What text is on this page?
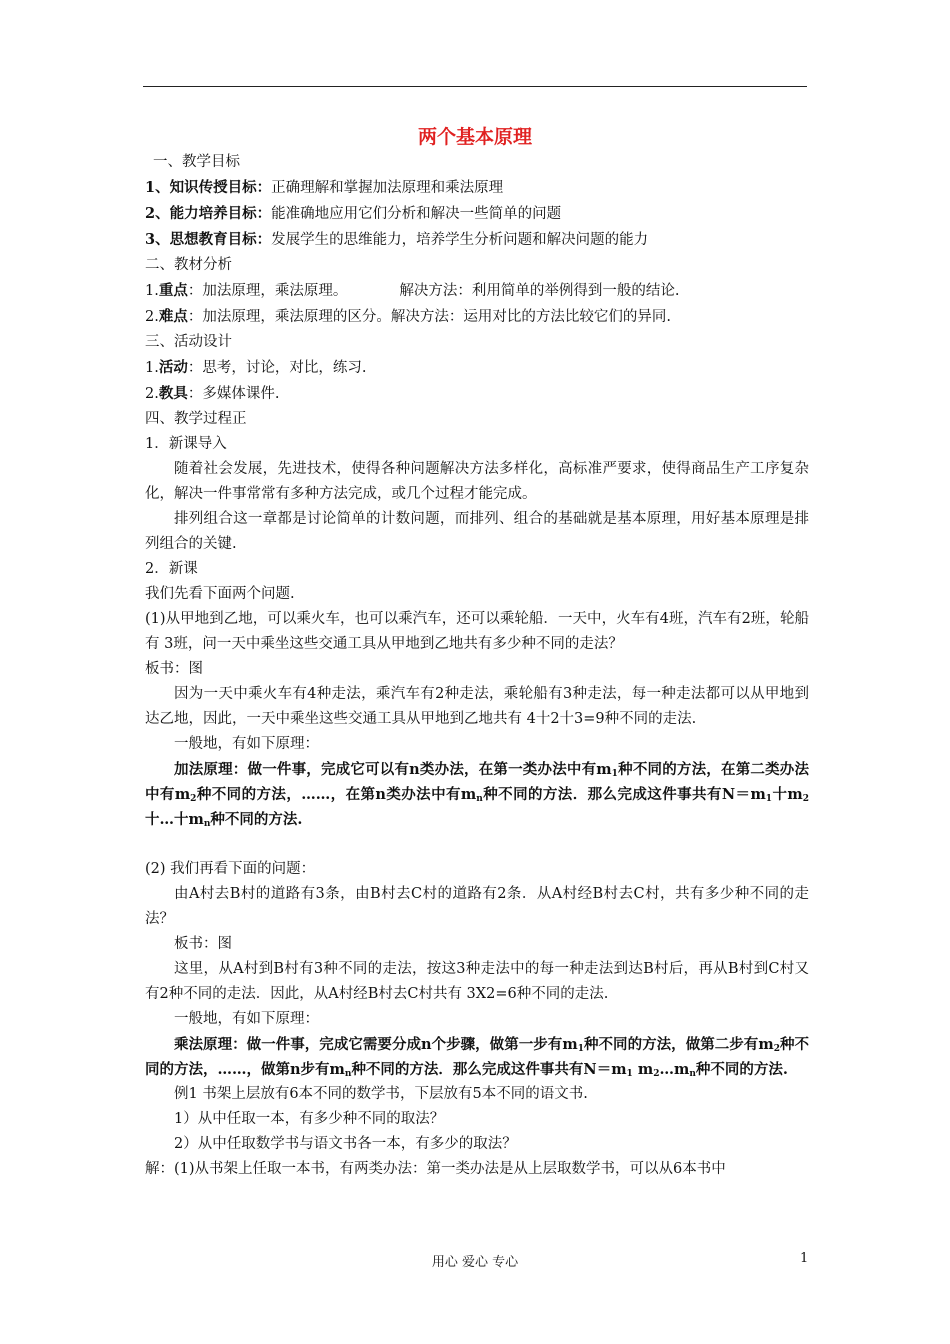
两个基本原理

一、教学目标

1、知识传授目标：正确理解和掌握加法原理和乘法原理

2、能力培养目标：能准确地应用它们分析和解决一些简单的问题

3、思想教育目标：发展学生的思维能力，培养学生分析问题和解决问题的能力

二、教材分析

1.重点：加法原理，乘法原理。	解决方法：利用简单的举例得到一般的结论.

2.难点：加法原理，乘法原理的区分。解决方法：运用对比的方法比较它们的异同.

三、活动设计

1.活动：思考，讨论，对比，练习.

2.教具：多媒体课件.

四、教学过程正

1．新课导入

随着社会发展，先进技术，使得各种问题解决方法多样化，高标准严要求，使得商品生产工序复杂化，解决一件事常常有多种方法完成，或几个过程才能完成。

排列组合这一章都是讨论简单的计数问题，而排列、组合的基础就是基本原理，用好基本原理是排列组合的关键.

2．新课

我们先看下面两个问题.

(1)从甲地到乙地，可以乘火车，也可以乘汽车，还可以乘轮船．一天中，火车有4班，汽车有2班，轮船有 3班，问一天中乘坐这些交通工具从甲地到乙地共有多少种不同的走法？

板书：图

因为一天中乘火车有4种走法，乘汽车有2种走法，乘轮船有3种走法，每一种走法都可以从甲地到达乙地，因此，一天中乘坐这些交通工具从甲地到乙地共有 4十2十3=9种不同的走法.

一般地，有如下原理：

加法原理：做一件事，完成它可以有n类办法，在第一类办法中有$m_1$种不同的方法，在第二类办法中有$m_2$种不同的方法，……，在第n类办法中有$m_n$种不同的方法．那么完成这件事共有$N=m_1$十$m_2$十…十$m_n$种不同的方法.

(2) 我们再看下面的问题：

由A村去B村的道路有3条，由B村去C村的道路有2条．从A村经B村去C村，共有多少种不同的走法？

板书：图

这里，从A村到B村有3种不同的走法，按这3种走法中的每一种走法到达B村后，再从B村到C村又有2种不同的走法．因此，从A村经B村去C村共有 3X2=6种不同的走法.

一般地，有如下原理：

乘法原理：做一件事，完成它需要分成n个步骤，做第一步有$m_1$种不同的方法，做第二步有$m_2$种不同的方法，……，做第n步有$m_n$种不同的方法．那么完成这件事共有$N=m_1$ $m_2\dots m_n$种不同的方法.

例1 书架上层放有6本不同的数学书，下层放有5本不同的语文书.

1）从中任取一本，有多少种不同的取法？

2）从中任取数学书与语文书各一本，有多少的取法？

解：(1)从书架上任取一本书，有两类办法：第一类办法是从上层取数学书，可以从6本书中

用心 爱心 专心	1
